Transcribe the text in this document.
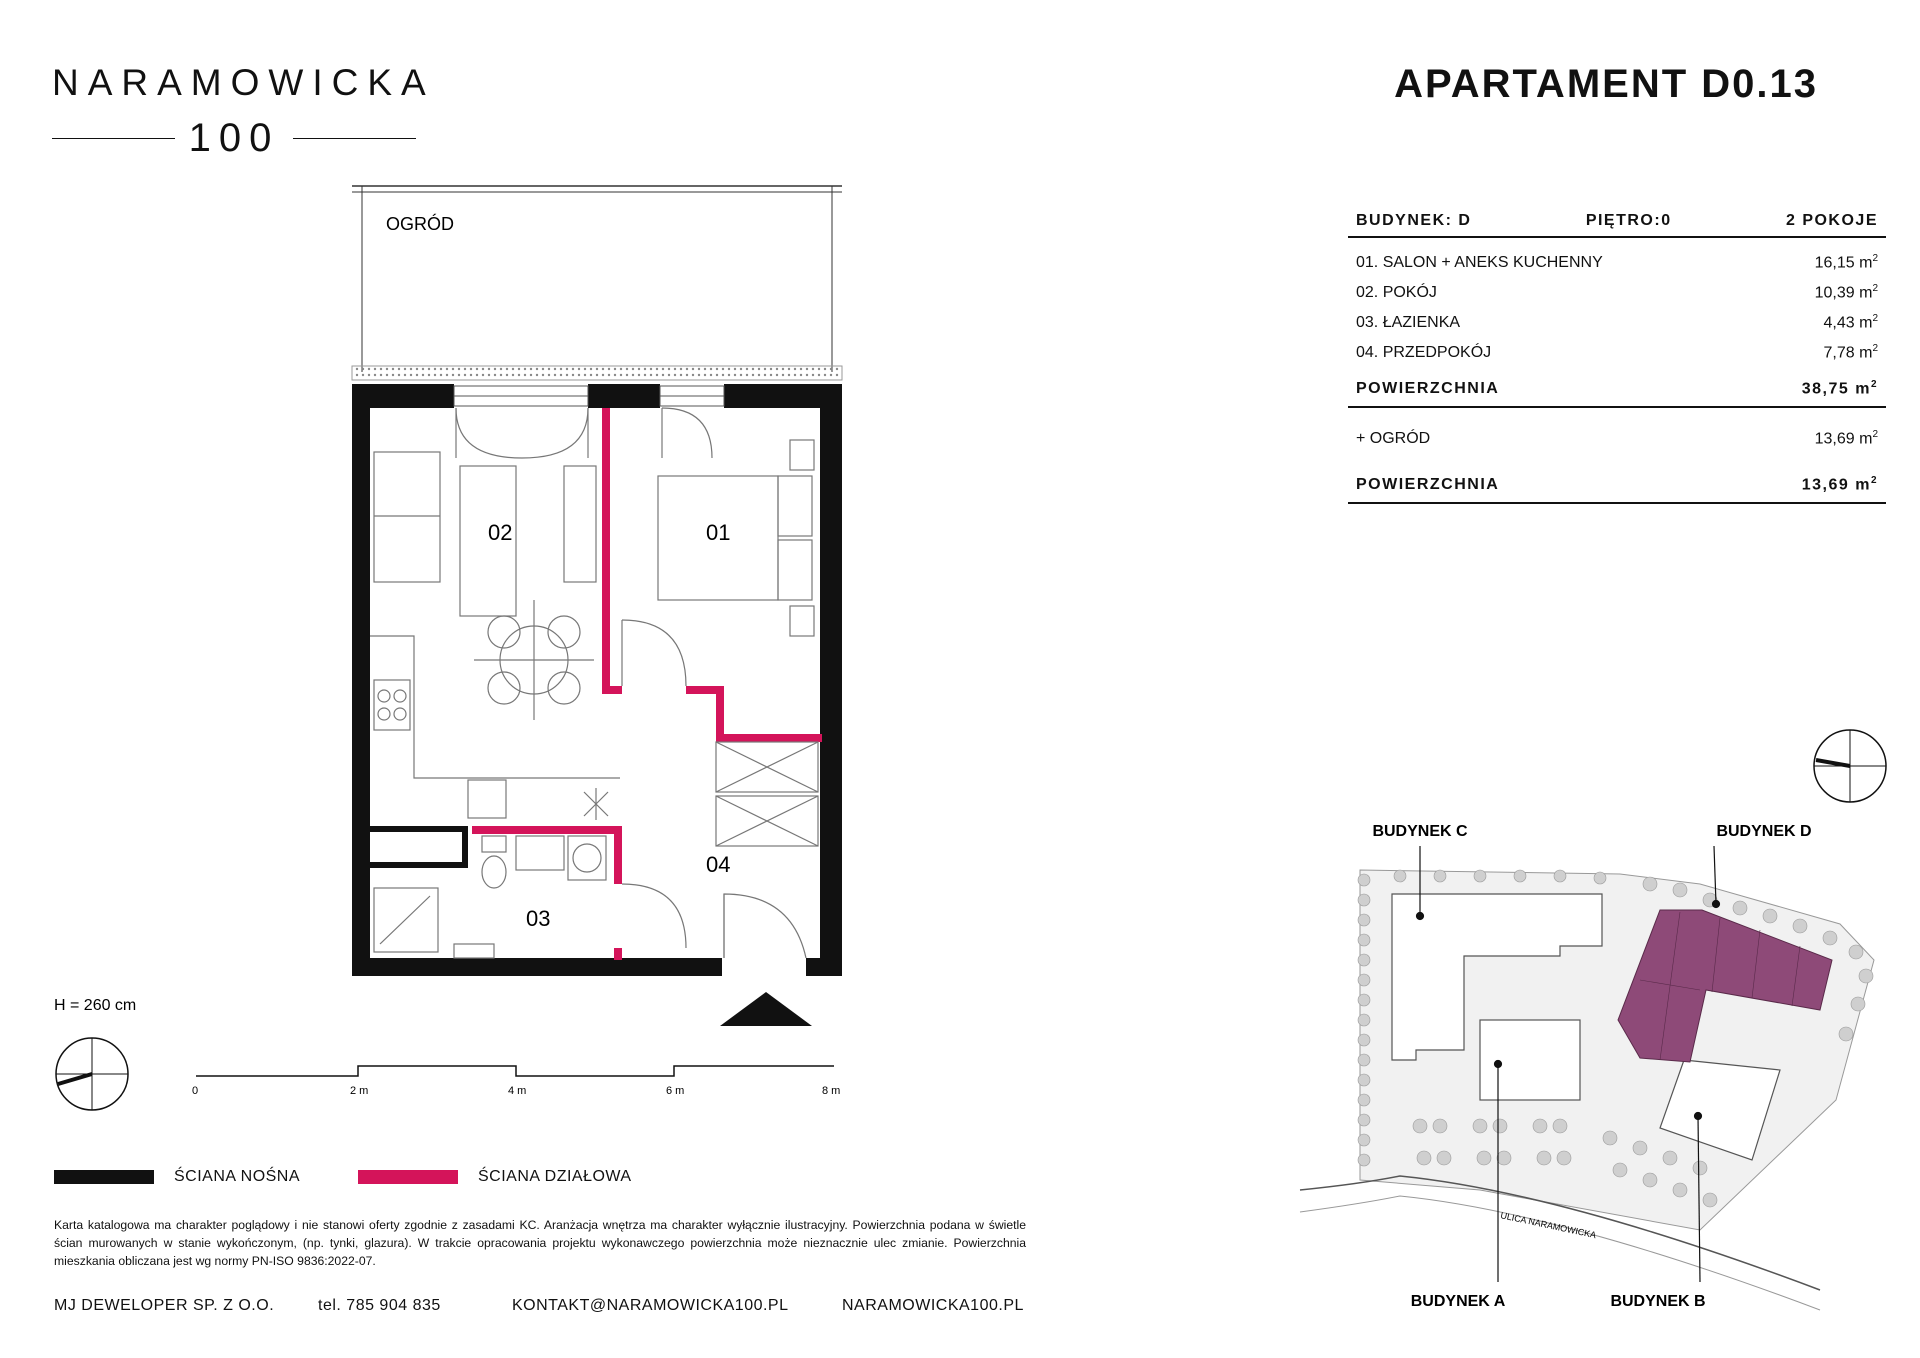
NARAMOWICKA
100
APARTAMENT D0.13
BUDYNEK: D	PIĘTRO:0	2 POKOJE
01. SALON + ANEKS KUCHENNY	16,15 $m^2$
02. POKÓJ	10,39 $m^2$
03. ŁAZIENKA	4,43 $m^2$
04. PRZEDPOKÓJ	7,78 $m^2$
POWIERZCHNIA	38,75 $m^2$
+ OGRÓD	13,69 $m^2$
POWIERZCHNIA	13,69 $m^2$
OGRÓD
02	01
04
03
H = 260 cm
0	2 m	4 m	6 m	8 m
ULICA NARAMOWICKA
BUDYNEK C	BUDYNEK D
BUDYNEK A	BUDYNEK B
ŚCIANA NOŚNA	ŚCIANA DZIAŁOWA
Karta katalogowa ma charakter poglądowy i nie stanowi oferty zgodnie z zasadami KC. Aranżacja wnętrza ma charakter wyłącznie ilustracyjny. Powierzchnia podana w świetle ścian murowanych w stanie wykończonym, (np. tynki, glazura). W trakcie opracowania projektu wykonawczego powierzchnia może nieznacznie ulec zmianie. Powierzchnia mieszkania obliczana jest wg normy PN-ISO 9836:2022-07.
MJ DEWELOPER SP. Z O.O.	tel. 785 904 835	KONTAKT@NARAMOWICKA100.PL	NARAMOWICKA100.PL
